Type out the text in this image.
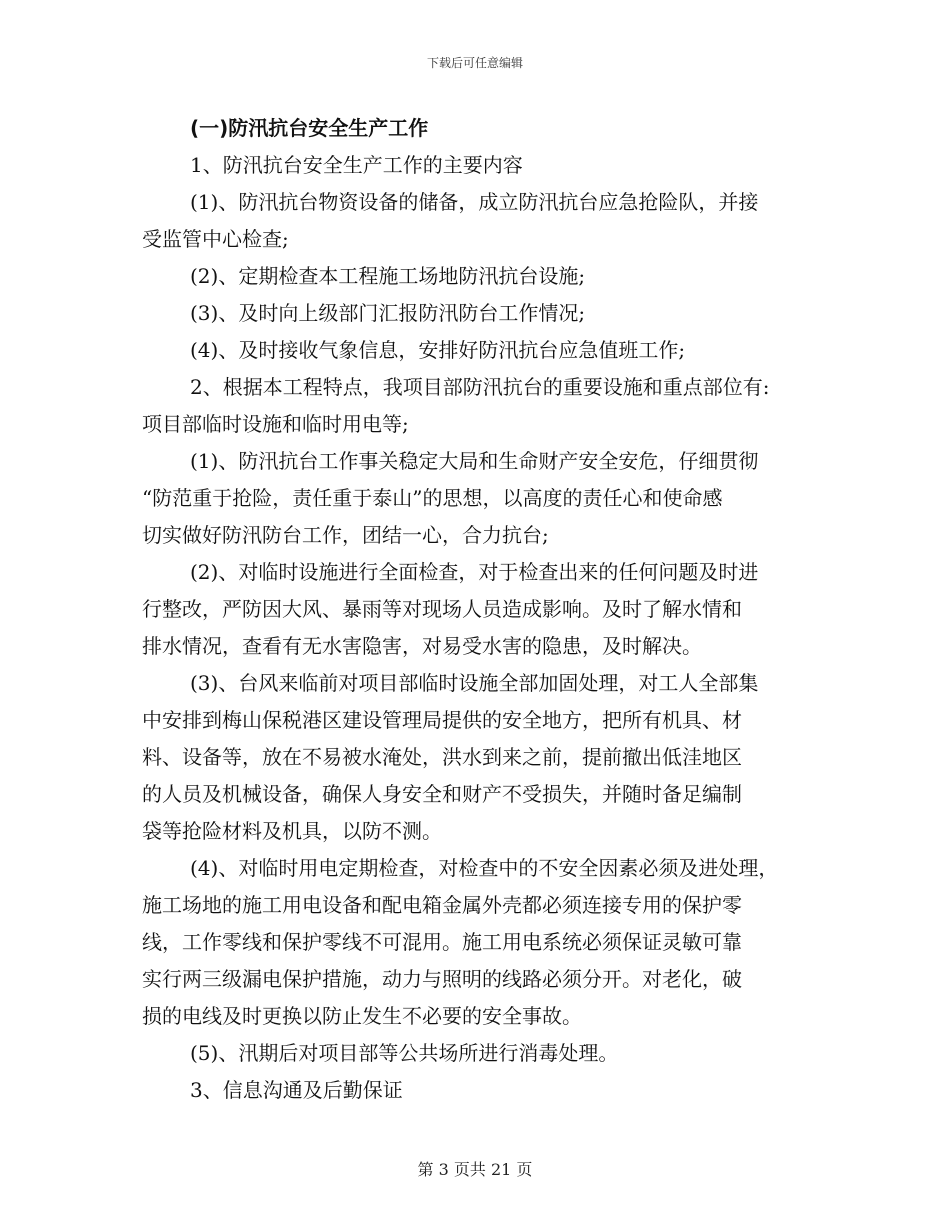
下载后可任意编辑
(一)防汛抗台安全生产工作
1、防汛抗台安全生产工作的主要内容
(1)、防汛抗台物资设备的储备，成立防汛抗台应急抢险队，并接
受监管中心检查;
(2)、定期检查本工程施工场地防汛抗台设施;
(3)、及时向上级部门汇报防汛防台工作情况;
(4)、及时接收气象信息，安排好防汛抗台应急值班工作;
2、根据本工程特点，我项目部防汛抗台的重要设施和重点部位有:
项目部临时设施和临时用电等;
(1)、防汛抗台工作事关稳定大局和生命财产安全安危，仔细贯彻
“防范重于抢险，责任重于泰山”的思想，以高度的责任心和使命感
切实做好防汛防台工作，团结一心，合力抗台;
(2)、对临时设施进行全面检查，对于检查出来的任何问题及时进
行整改，严防因大风、暴雨等对现场人员造成影响。及时了解水情和
排水情况，查看有无水害隐害，对易受水害的隐患，及时解决。
(3)、台风来临前对项目部临时设施全部加固处理，对工人全部集
中安排到梅山保税港区建设管理局提供的安全地方，把所有机具、材
料、设备等，放在不易被水淹处，洪水到来之前，提前撤出低洼地区
的人员及机械设备，确保人身安全和财产不受损失，并随时备足编制
袋等抢险材料及机具，以防不测。
(4)、对临时用电定期检查，对检查中的不安全因素必须及进处理，
施工场地的施工用电设备和配电箱金属外壳都必须连接专用的保护零
线，工作零线和保护零线不可混用。施工用电系统必须保证灵敏可靠
实行两三级漏电保护措施，动力与照明的线路必须分开。对老化，破
损的电线及时更换以防止发生不必要的安全事故。
(5)、汛期后对项目部等公共场所进行消毒处理。
3、信息沟通及后勤保证
第 3 页共 21 页
